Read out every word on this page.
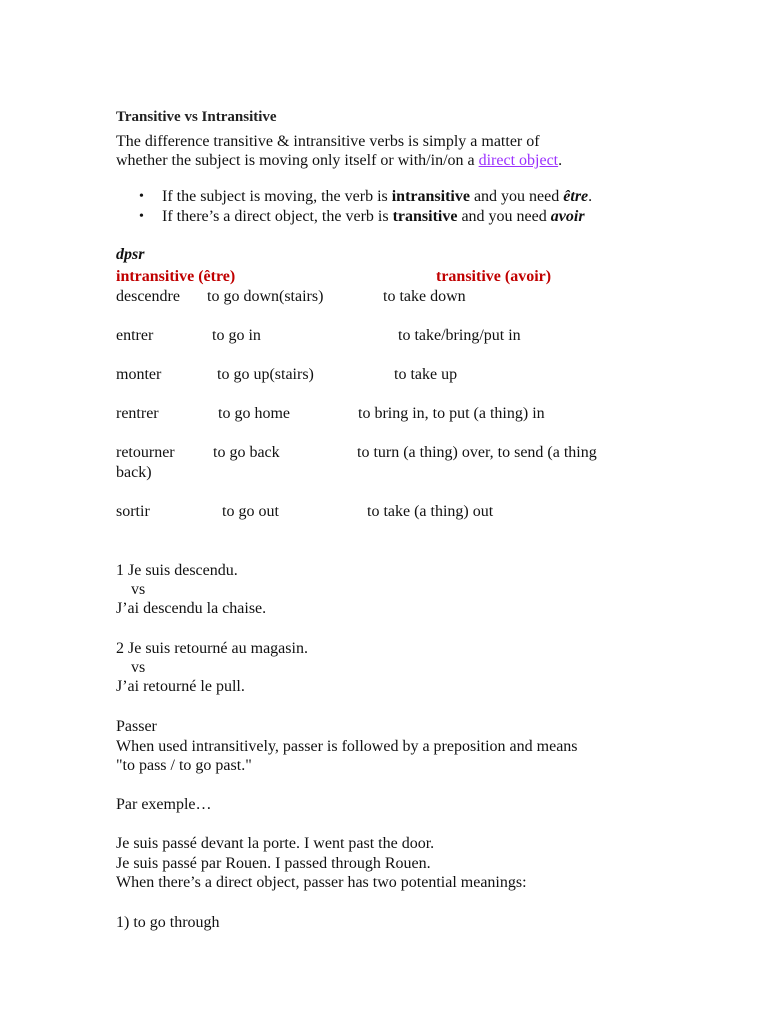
Transitive vs Intransitive
The difference transitive & intransitive verbs is simply a matter of
whether the subject is moving only itself or with/in/on a direct object.
• If the subject is moving, the verb is intransitive and you need être.
• If there’s a direct object, the verb is transitive and you need avoir
dpsr
intransitive (être)	transitive (avoir)
descendre to go down(stairs)	to take down
entrer	to go in	to take/bring/put in
monter	to go up(stairs)	to take up
rentrer	to go home	to bring in, to put (a thing) in
retourner to go back	to turn (a thing) over, to send (a thing
back)
sortir	to go out	to take (a thing) out
1 Je suis descendu.
vs
J’ai descendu la chaise.
2 Je suis retourné au magasin.
vs
J’ai retourné le pull.
Passer
When used intransitively, passer is followed by a preposition and means
"to pass / to go past."
Par exemple…
Je suis passé devant la porte. I went past the door.
Je suis passé par Rouen. I passed through Rouen.
When there’s a direct object, passer has two potential meanings:
1) to go through
